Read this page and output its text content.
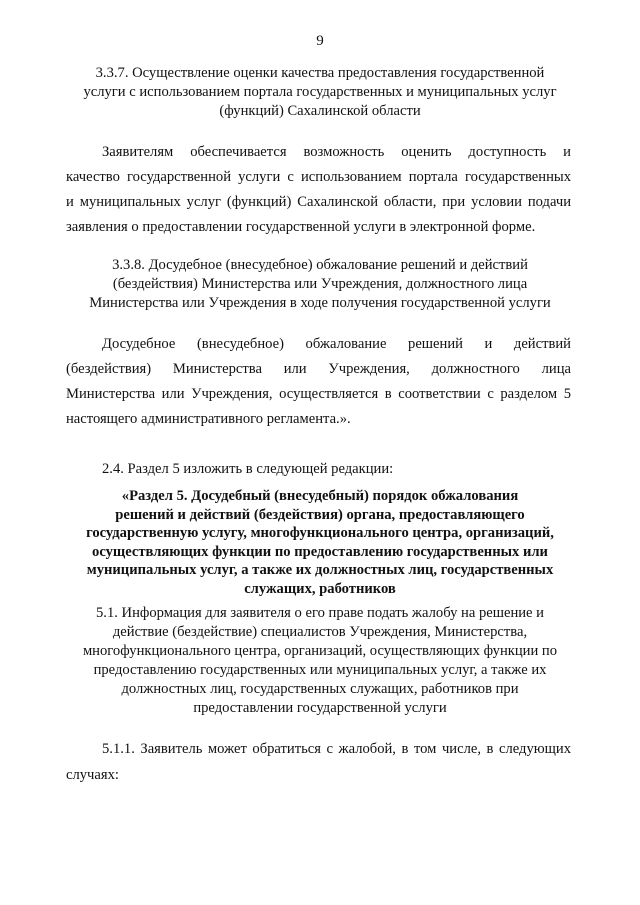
9
3.3.7. Осуществление оценки качества предоставления государственной
услуги с использованием портала государственных и муниципальных услуг
(функций) Сахалинской области
Заявителям обеспечивается возможность оценить доступность и
качество государственной услуги с использованием портала государственных
и муниципальных услуг (функций) Сахалинской области, при условии подачи
заявления о предоставлении государственной услуги в электронной форме.
3.3.8. Досудебное (внесудебное) обжалование решений и действий
(бездействия) Министерства или Учреждения, должностного лица
Министерства или Учреждения в ходе получения государственной услуги
Досудебное (внесудебное) обжалование решений и действий
(бездействия) Министерства или Учреждения, должностного лица
Министерства или Учреждения, осуществляется в соответствии с разделом 5
настоящего административного регламента.».
2.4. Раздел 5 изложить в следующей редакции:
«Раздел 5. Досудебный (внесудебный) порядок обжалования
решений и действий (бездействия) органа, предоставляющего
государственную услугу, многофункционального центра, организаций,
осуществляющих функции по предоставлению государственных или
муниципальных услуг, а также их должностных лиц, государственных
служащих, работников
5.1. Информация для заявителя о его праве подать жалобу на решение и
действие (бездействие) специалистов Учреждения, Министерства,
многофункционального центра, организаций, осуществляющих функции по
предоставлению государственных или муниципальных услуг, а также их
должностных лиц, государственных служащих, работников при
предоставлении государственной услуги
5.1.1. Заявитель может обратиться с жалобой, в том числе, в следующих
случаях:
